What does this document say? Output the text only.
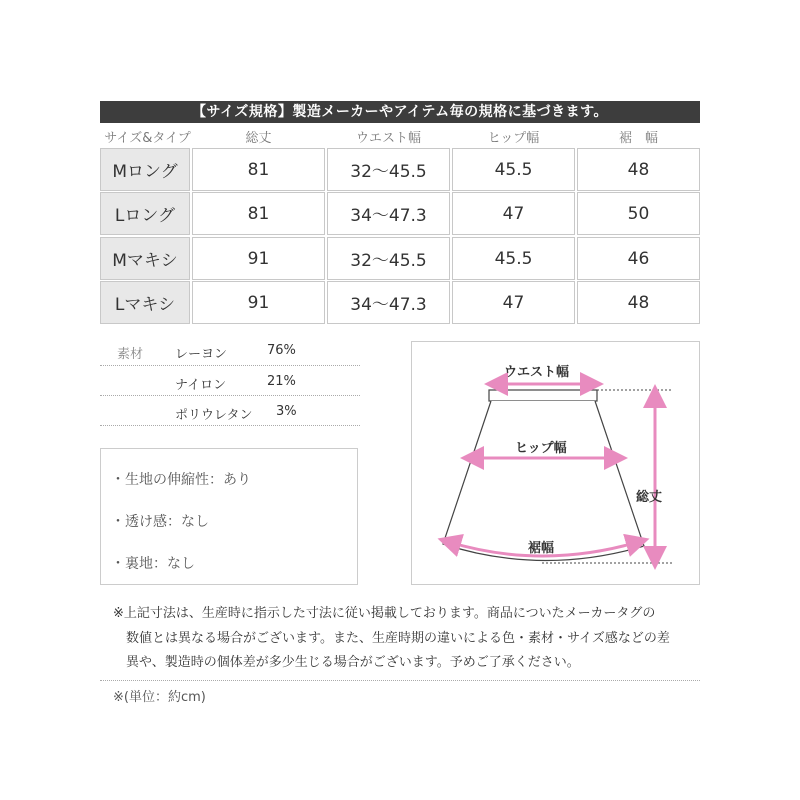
【サイズ規格】製造メーカーやアイテム毎の規格に基づきます。
サイズ&タイプ	総丈	ウエスト幅	ヒップ幅	裾　幅
Mロング	81	32〜45.5	45.5	48
Lロング	81	34〜47.3	47	50
Mマキシ	91	32〜45.5	45.5	46
Lマキシ	91	34〜47.3	47	48
素材 レーヨン	76%
ナイロン	21%
ポリウレタン 3%
・生地の伸縮性：あり
・透け感：なし
・裏地：なし
ウエスト幅
ヒップ幅
裾幅
総丈
※上記寸法は、生産時に指示した寸法に従い掲載しております。商品についたメーカータグの
数値とは異なる場合がございます。また、生産時期の違いによる色・素材・サイズ感などの差
異や、製造時の個体差が多少生じる場合がございます。予めご了承ください。
※(単位：約cm)
